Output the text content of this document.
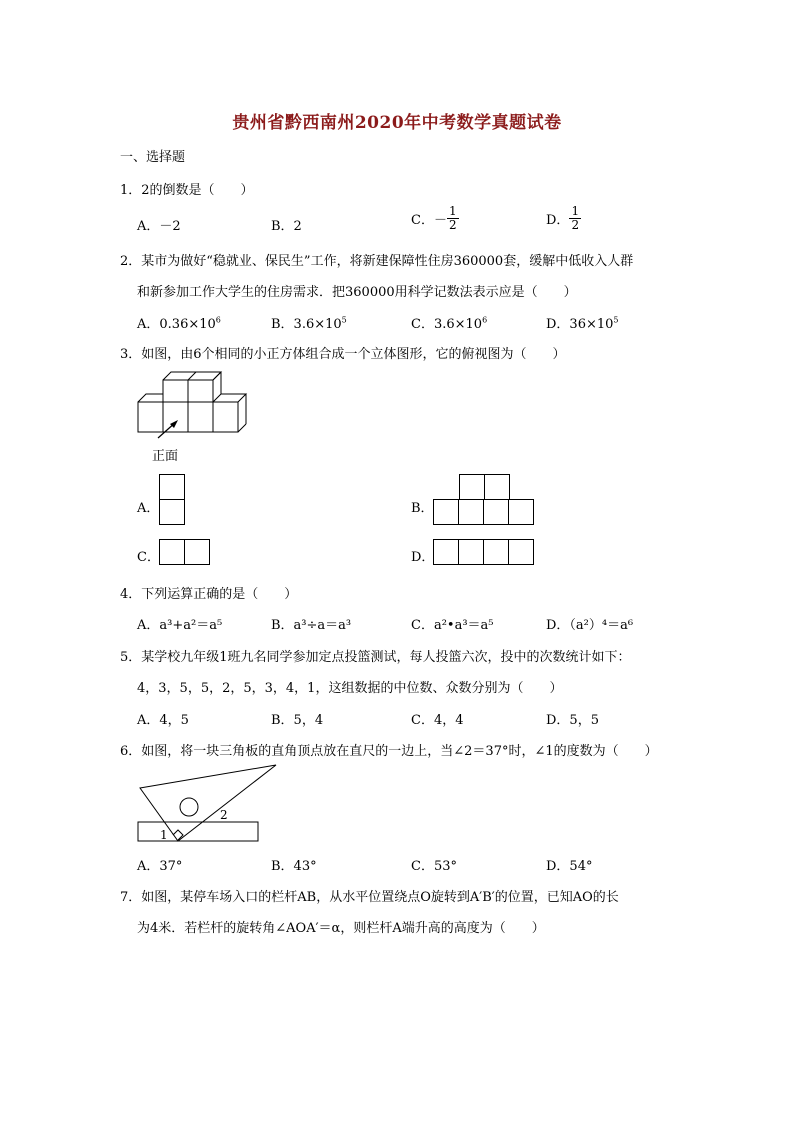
贵州省黔西南州2020年中考数学真题试卷
一、选择题
1．2的倒数是（　　）
A．－2	B．2	C．－ $\frac{1}{2}$	D． $\frac{1}{2}$
2．某市为做好“稳就业、保民生”工作，将新建保障性住房360000套，缓解中低收入人群
和新参加工作大学生的住房需求．把360000用科学记数法表示应是（　　）
A．$0.36\times 10^6$	B．$3.6\times 10^5$	C．$3.6\times 10^6$	D．$36\times 10^5$
3．如图，由6个相同的小正方体组合成一个立体图形，它的俯视图为（　　）
正面
A．	B．
C．	D．
4．下列运算正确的是（　　）
A．a³+a²＝a⁵	B．a³÷a＝a³	C．a²•a³＝a⁵	D．（a²）⁴＝a⁶
5．某学校九年级1班九名同学参加定点投篮测试，每人投篮六次，投中的次数统计如下：
4，3，5，5，2，5，3，4，1，这组数据的中位数、众数分别为（　　）
A．4，5	B．5，4	C．4，4	D．5，5
6．如图，将一块三角板的直角顶点放在直尺的一边上，当∠2＝37°时，∠1的度数为（　　）
1
2
A．37°	B．43°	C．53°	D．54°
7．如图，某停车场入口的栏杆AB，从水平位置绕点O旋转到A′B′的位置，已知AO的长
为4米．若栏杆的旋转角∠AOA′＝α，则栏杆A端升高的高度为（　　）
